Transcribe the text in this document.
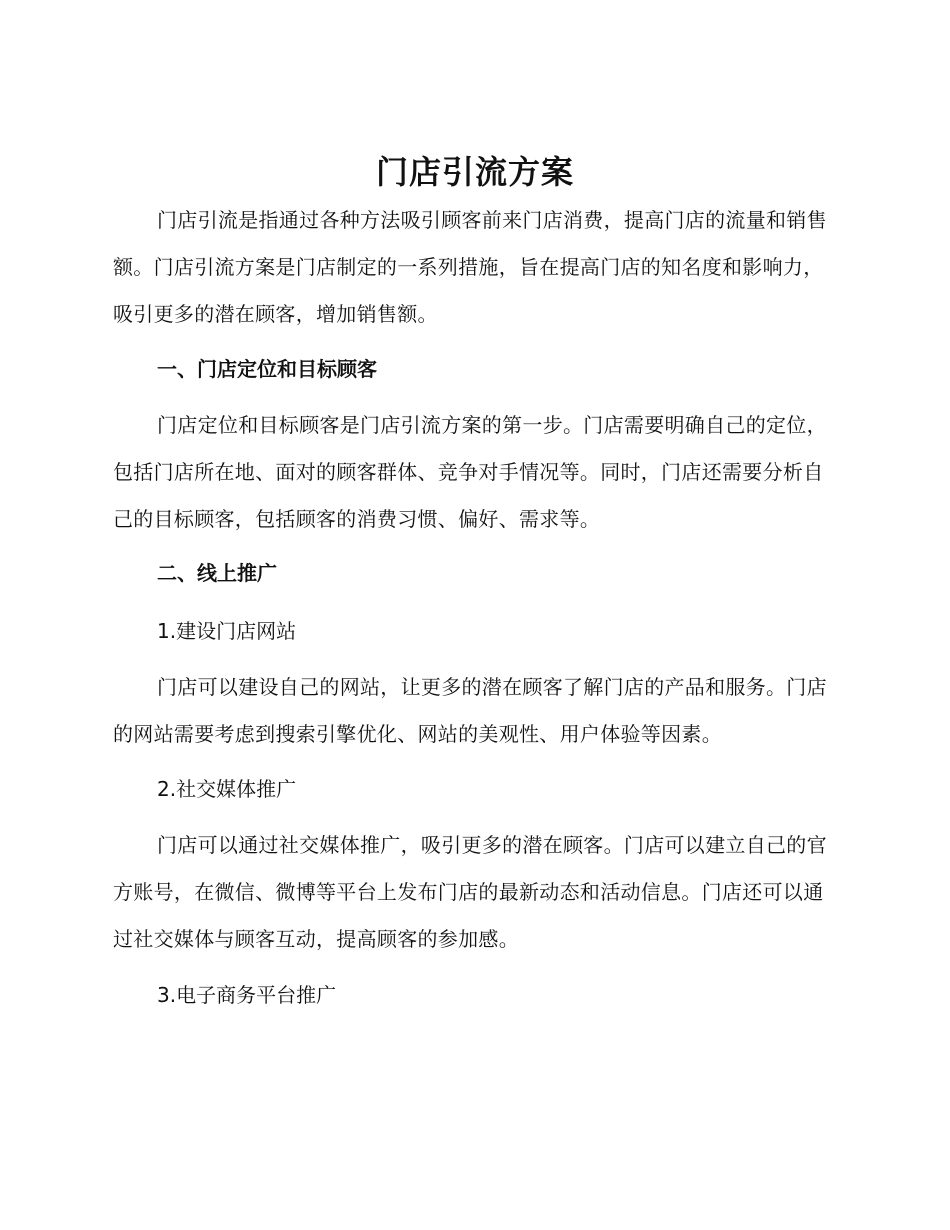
门店引流方案

门店引流是指通过各种方法吸引顾客前来门店消费，提高门店的流量和销售额。门店引流方案是门店制定的一系列措施，旨在提高门店的知名度和影响力，吸引更多的潜在顾客，增加销售额。

一、门店定位和目标顾客

门店定位和目标顾客是门店引流方案的第一步。门店需要明确自己的定位，包括门店所在地、面对的顾客群体、竞争对手情况等。同时，门店还需要分析自己的目标顾客，包括顾客的消费习惯、偏好、需求等。

二、线上推广
1.建设门店网站

门店可以建设自己的网站，让更多的潜在顾客了解门店的产品和服务。门店的网站需要考虑到搜索引擎优化、网站的美观性、用户体验等因素。

2.社交媒体推广

门店可以通过社交媒体推广，吸引更多的潜在顾客。门店可以建立自己的官方账号，在微信、微博等平台上发布门店的最新动态和活动信息。门店还可以通过社交媒体与顾客互动，提高顾客的参加感。

3.电子商务平台推广
